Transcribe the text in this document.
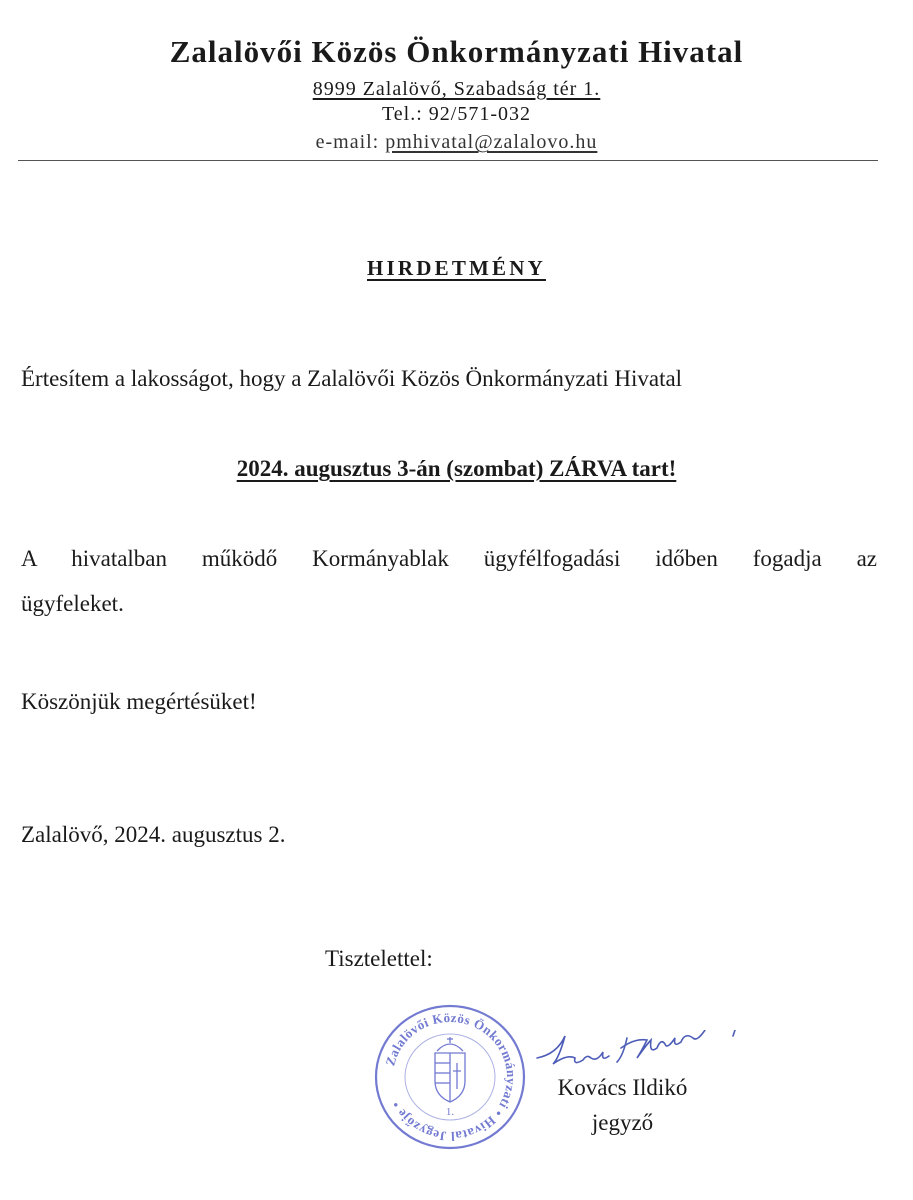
Zalalövői Közös Önkormányzati Hivatal
8999 Zalalövő, Szabadság tér 1.
Tel.: 92/571-032
e-mail: pmhivatal@zalalovo.hu
HIRDETMÉNY
Értesítem a lakosságot, hogy a Zalalövői Közös Önkormányzati Hivatal
2024. augusztus 3-án (szombat) ZÁRVA tart!
A hivatalban működő Kormányablak ügyfélfogadási időben fogadja az
ügyfeleket.
Köszönjük megértésüket!
Zalalövő, 2024. augusztus 2.
Tisztelettel:
Zalalövői Közös Önkormányzati • Hivatal Jegyzője •
1.
Kovács Ildikó
jegyző
